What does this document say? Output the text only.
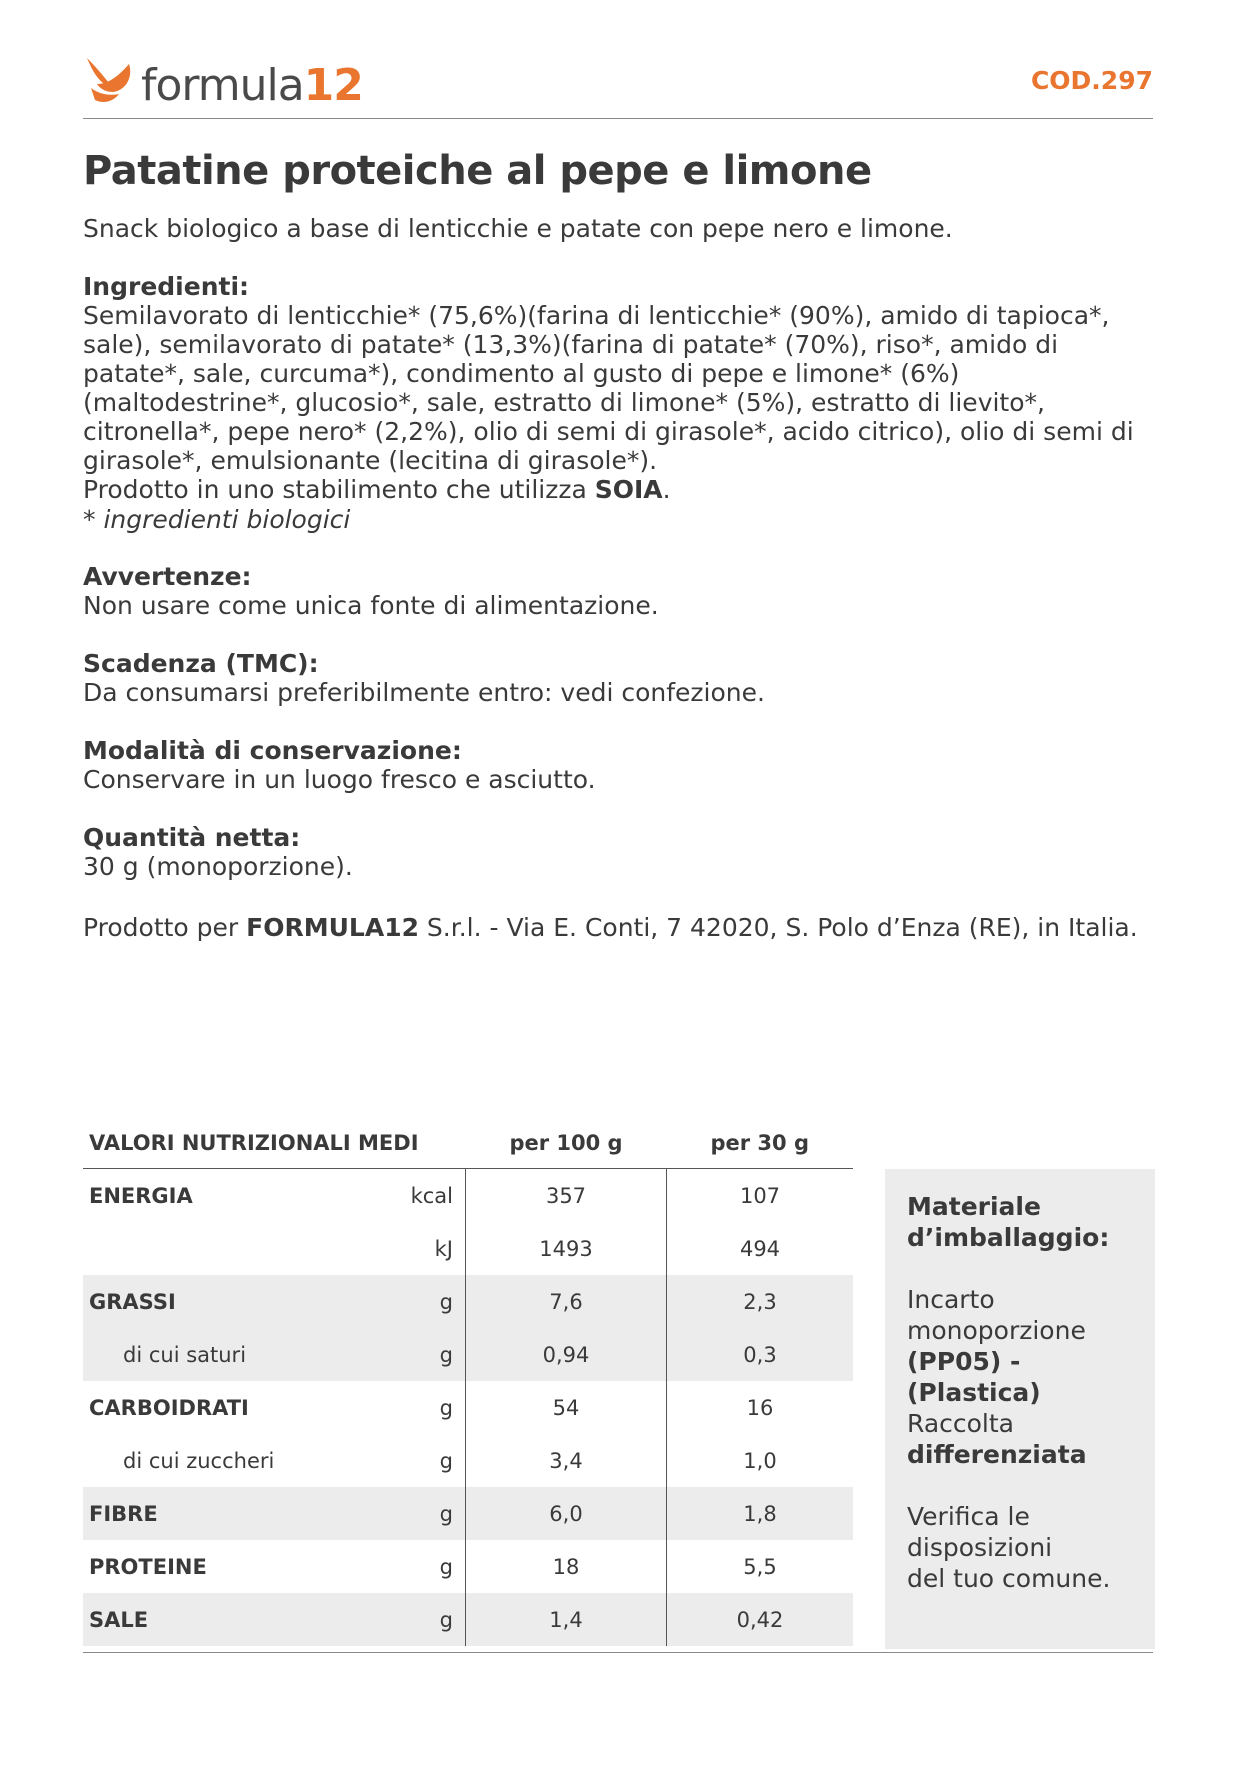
formula12	COD.297
Patatine proteiche al pepe e limone
Snack biologico a base di lenticchie e patate con pepe nero e limone.
Ingredienti:
Semilavorato di lenticchie* (75,6%)(farina di lenticchie* (90%), amido di tapioca*, sale), semilavorato di patate* (13,3%)(farina di patate* (70%), riso*, amido di patate*, sale, curcuma*), condimento al gusto di pepe e limone* (6%)(maltodestrine*, glucosio*, sale, estratto di limone* (5%), estratto di lievito*, citronella*, pepe nero* (2,2%), olio di semi di girasole*, acido citrico), olio di semi di girasole*, emulsionante (lecitina di girasole*).
Prodotto in uno stabilimento che utilizza SOIA.
* ingredienti biologici
Avvertenze:
Non usare come unica fonte di alimentazione.
Scadenza (TMC):
Da consumarsi preferibilmente entro: vedi confezione.
Modalità di conservazione:
Conservare in un luogo fresco e asciutto.
Quantità netta:
30 g (monoporzione).
Prodotto per FORMULA12 S.r.l. - Via E. Conti, 7 42020, S. Polo d’Enza (RE), in Italia.
VALORI NUTRIZIONALI MEDI		per 100 g	per 30 g
ENERGIA	kcal	357	107
	kJ	1493	494
GRASSI	g	7,6	2,3
di cui saturi	g	0,94	0,3
CARBOIDRATI	g	54	16
di cui zuccheri	g	3,4	1,0
FIBRE	g	6,0	1,8
PROTEINE	g	18	5,5
SALE	g	1,4	0,42
Materiale
d’imballaggio:
Incarto
monoporzione
(PP05) - (Plastica)
Raccolta
differenziata
Verifica le
disposizioni
del tuo comune.
